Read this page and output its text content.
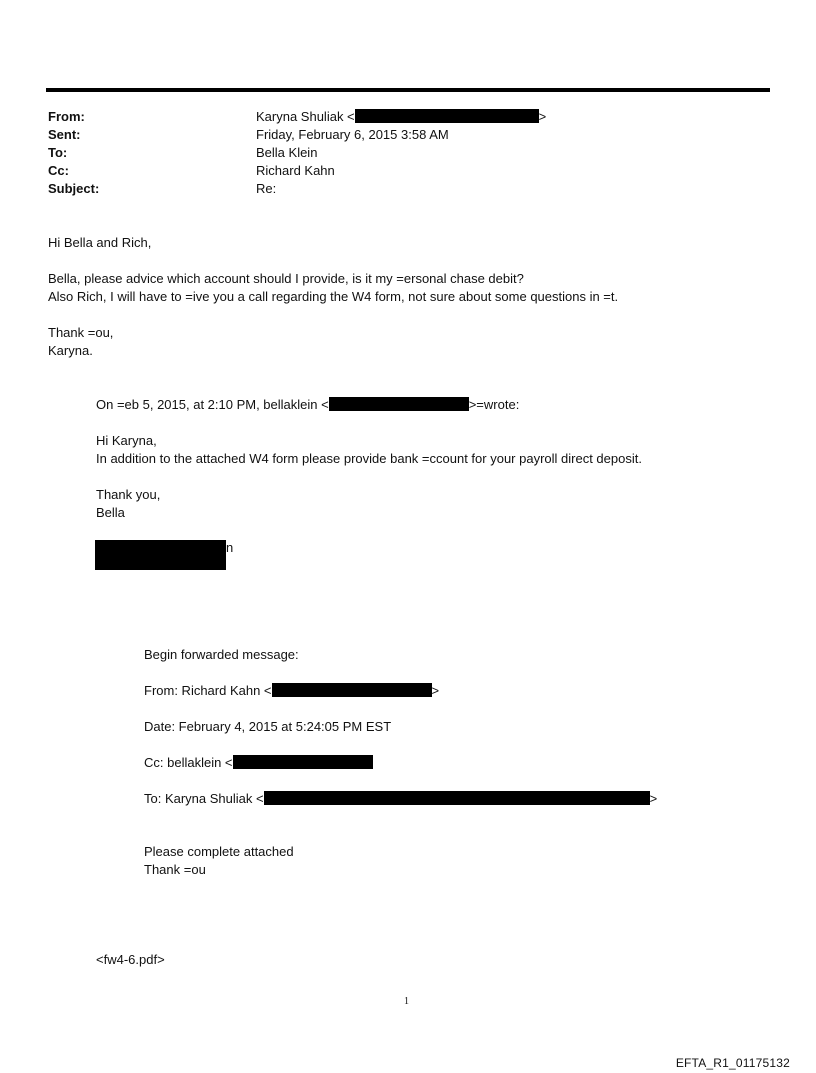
From:	Karyna Shuliak <	>
Sent:	Friday, February 6, 2015 3:58 AM
To:	Bella Klein
Cc:	Richard Kahn
Subject:	Re:
Hi Bella and Rich,
Bella, please advice which account should I provide, is it my =ersonal chase debit?
Also Rich, I will have to =ive you a call regarding the W4 form, not sure about some questions in =t.
Thank =ou,
Karyna.
On =eb 5, 2015, at 2:10 PM, bellaklein <	>=wrote:
Hi Karyna,
In addition to the attached W4 form please provide bank =ccount for your payroll direct deposit.
Thank you,
Bella
n
Begin forwarded message:
From: Richard Kahn <	>
Date: February 4, 2015 at 5:24:05 PM EST
Cc: bellaklein <
To: Karyna Shuliak <	>
Please complete attached
Thank =ou
<fw4-6.pdf>
1
EFTA_R1_01175132
